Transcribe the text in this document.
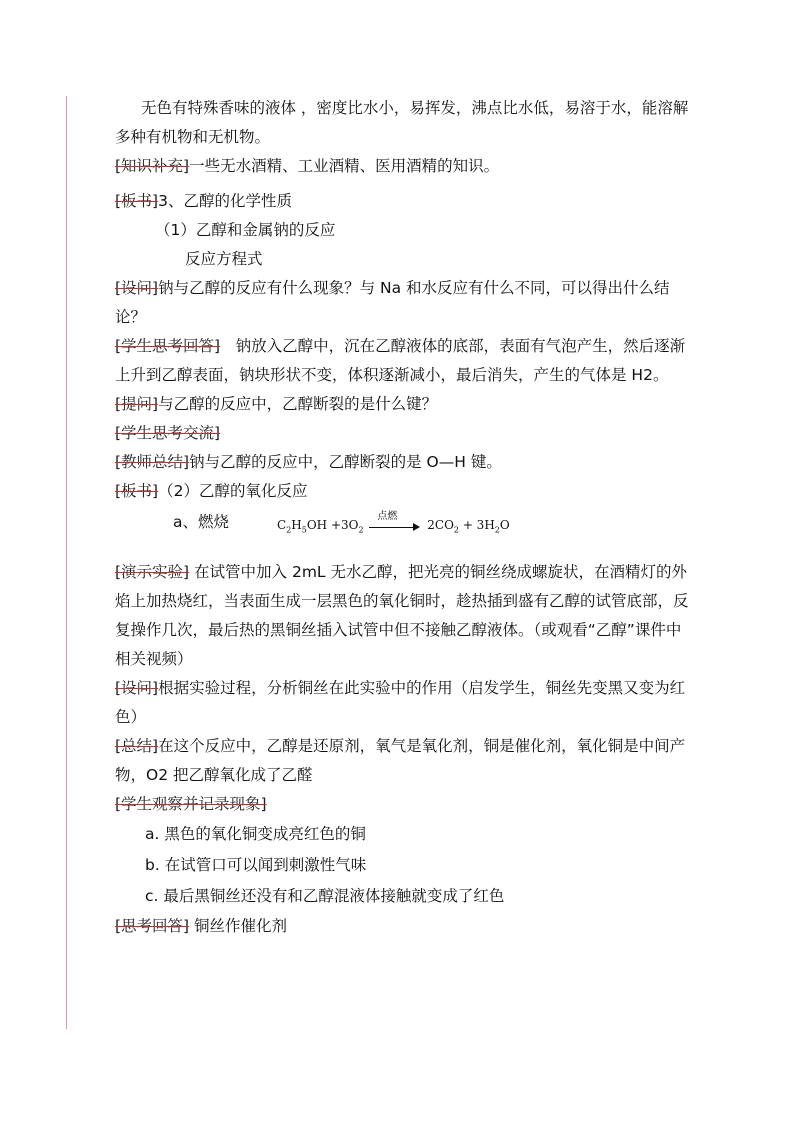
无色有特殊香味的液体 ，密度比水小，易挥发，沸点比水低，易溶于水，能溶解多种有机物和无机物。

[知识补充]一些无水酒精、工业酒精、医用酒精的知识。

[板书]3、乙醇的化学性质

（1）乙醇和金属钠的反应

反应方程式

[设问]钠与乙醇的反应有什么现象？与 Na 和水反应有什么不同，可以得出什么结论？

[学生思考回答]　钠放入乙醇中，沉在乙醇液体的底部，表面有气泡产生，然后逐渐上升到乙醇表面，钠块形状不变，体积逐渐减小，最后消失，产生的气体是 H2。

[提问]与乙醇的反应中，乙醇断裂的是什么键？

[学生思考交流]

[教师总结]钠与乙醇的反应中，乙醇断裂的是 O—H 键。

[板书]（2）乙醇的氧化反应

a、燃烧	$C_2H_5OH +3O_2$
点燃
$2CO_2 + 3H_2O$

[演示实验] 在试管中加入 2mL 无水乙醇，把光亮的铜丝绕成螺旋状，在酒精灯的外焰上加热烧红，当表面生成一层黑色的氧化铜时，趁热插到盛有乙醇的试管底部，反复操作几次，最后热的黑铜丝插入试管中但不接触乙醇液体。（或观看“乙醇”课件中相关视频）

[设问]根据实验过程，分析铜丝在此实验中的作用（启发学生，铜丝先变黑又变为红色）

[总结]在这个反应中，乙醇是还原剂，氧气是氧化剂，铜是催化剂，氧化铜是中间产物，O2 把乙醇氧化成了乙醛

[学生观察并记录现象]

a. 黑色的氧化铜变成亮红色的铜
b. 在试管口可以闻到刺激性气味
c. 最后黑铜丝还没有和乙醇混液体接触就变成了红色

[思考回答] 铜丝作催化剂
